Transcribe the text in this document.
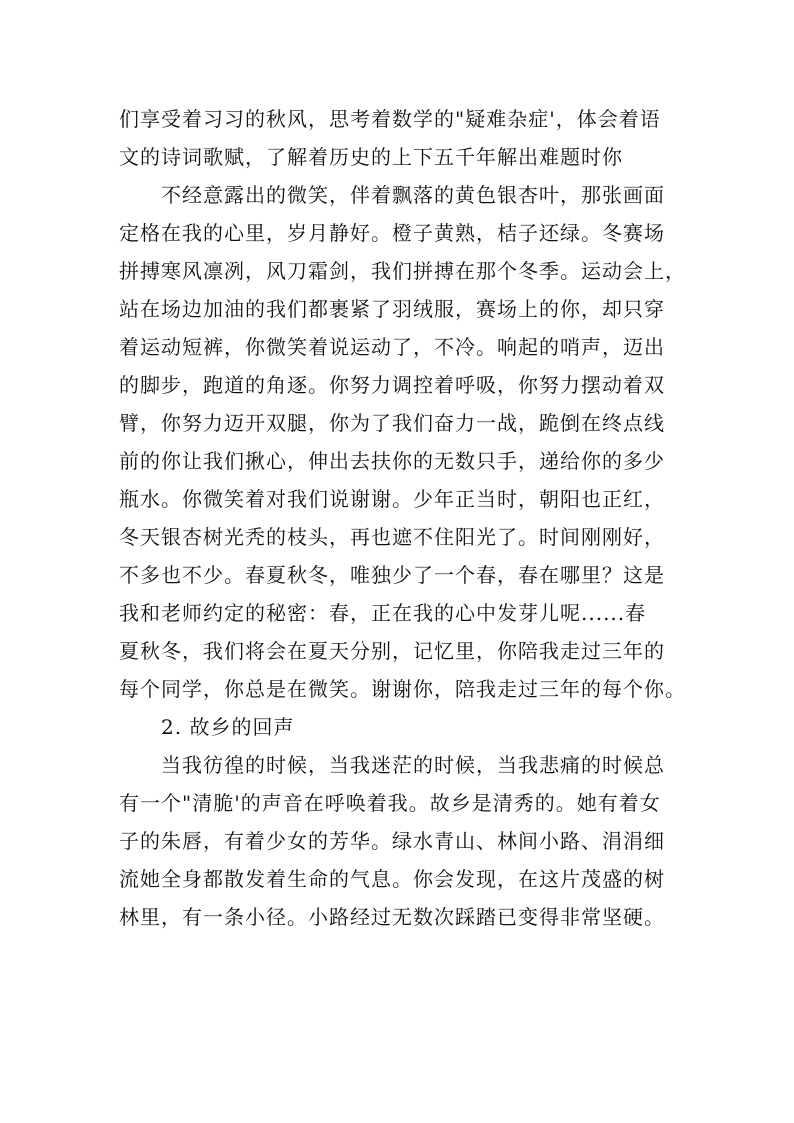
们享受着习习的秋风，思考着数学的"疑难杂症'，体会着语
文的诗词歌赋，了解着历史的上下五千年解出难题时你
不经意露出的微笑，伴着飘落的黄色银杏叶，那张画面
定格在我的心里，岁月静好。橙子黄熟，桔子还绿。冬赛场
拼搏寒风凛冽，风刀霜剑，我们拼搏在那个冬季。运动会上，
站在场边加油的我们都裹紧了羽绒服，赛场上的你，却只穿
着运动短裤，你微笑着说运动了，不冷。响起的哨声，迈出
的脚步，跑道的角逐。你努力调控着呼吸，你努力摆动着双
臂，你努力迈开双腿，你为了我们奋力一战，跪倒在终点线
前的你让我们揪心，伸出去扶你的无数只手，递给你的多少
瓶水。你微笑着对我们说谢谢。少年正当时，朝阳也正红，
冬天银杏树光秃的枝头，再也遮不住阳光了。时间刚刚好，
不多也不少。春夏秋冬，唯独少了一个春，春在哪里？这是
我和老师约定的秘密：春，正在我的心中发芽儿呢......春
夏秋冬，我们将会在夏天分别，记忆里，你陪我走过三年的
每个同学，你总是在微笑。谢谢你，陪我走过三年的每个你。
2. 故乡的回声
当我彷徨的时候，当我迷茫的时候，当我悲痛的时候总
有一个"清脆'的声音在呼唤着我。故乡是清秀的。她有着女
子的朱唇，有着少女的芳华。绿水青山、林间小路、涓涓细
流她全身都散发着生命的气息。你会发现，在这片茂盛的树
林里，有一条小径。小路经过无数次踩踏已变得非常坚硬。
